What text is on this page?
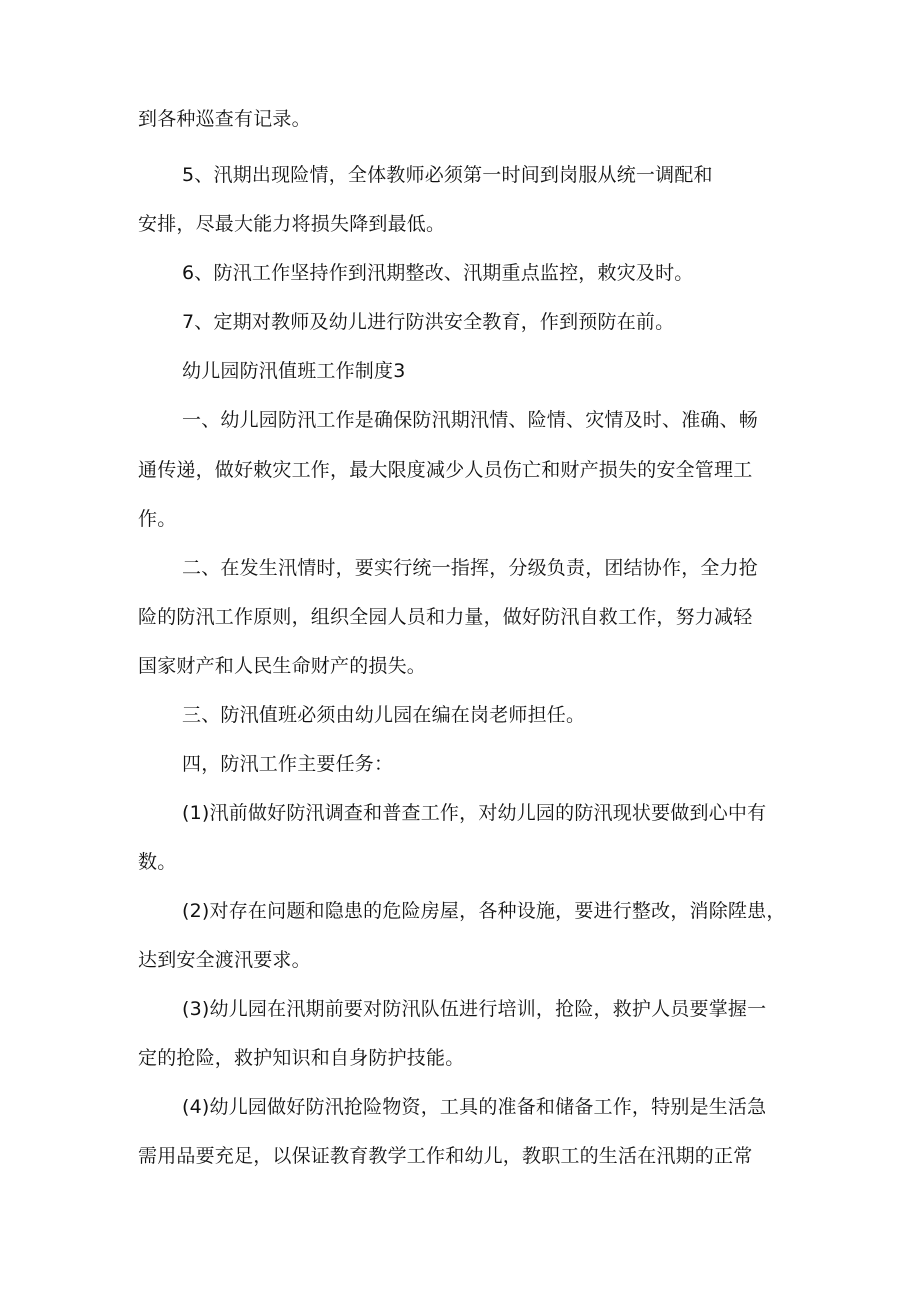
到各种巡查有记录。
5、汛期出现险情，全体教师必须第一时间到岗服从统一调配和
安排，尽最大能力将损失降到最低。
6、防汛工作坚持作到汛期整改、汛期重点监控，敕灾及时。
7、定期对教师及幼儿进行防洪安全教育，作到预防在前。
幼儿园防汛值班工作制度3
一、幼儿园防汛工作是确保防汛期汛情、险情、灾情及时、准确、畅
通传递，做好敕灾工作，最大限度减少人员伤亡和财产损失的安全管理工
作。
二、在发生汛情时，要实行统一指挥，分级负责，团结协作，全力抢
险的防汛工作原则，组织全园人员和力量，做好防汛自救工作，努力减轻
国家财产和人民生命财产的损失。
三、防汛值班必须由幼儿园在编在岗老师担任。
四，防汛工作主要任务：
(1)汛前做好防汛调查和普查工作，对幼儿园的防汛现状要做到心中有
数。
(2)对存在问题和隐患的危险房屋，各种设施，要进行整改，消除陞患，
达到安全渡汛要求。
(3)幼儿园在汛期前要对防汛队伍进行培训，抢险，救护人员要掌握一
定的抢险，救护知识和自身防护技能。
(4)幼儿园做好防汛抢险物资，工具的准备和储备工作，特别是生活急
需用品要充足，以保证教育教学工作和幼儿，教职工的生活在汛期的正常
